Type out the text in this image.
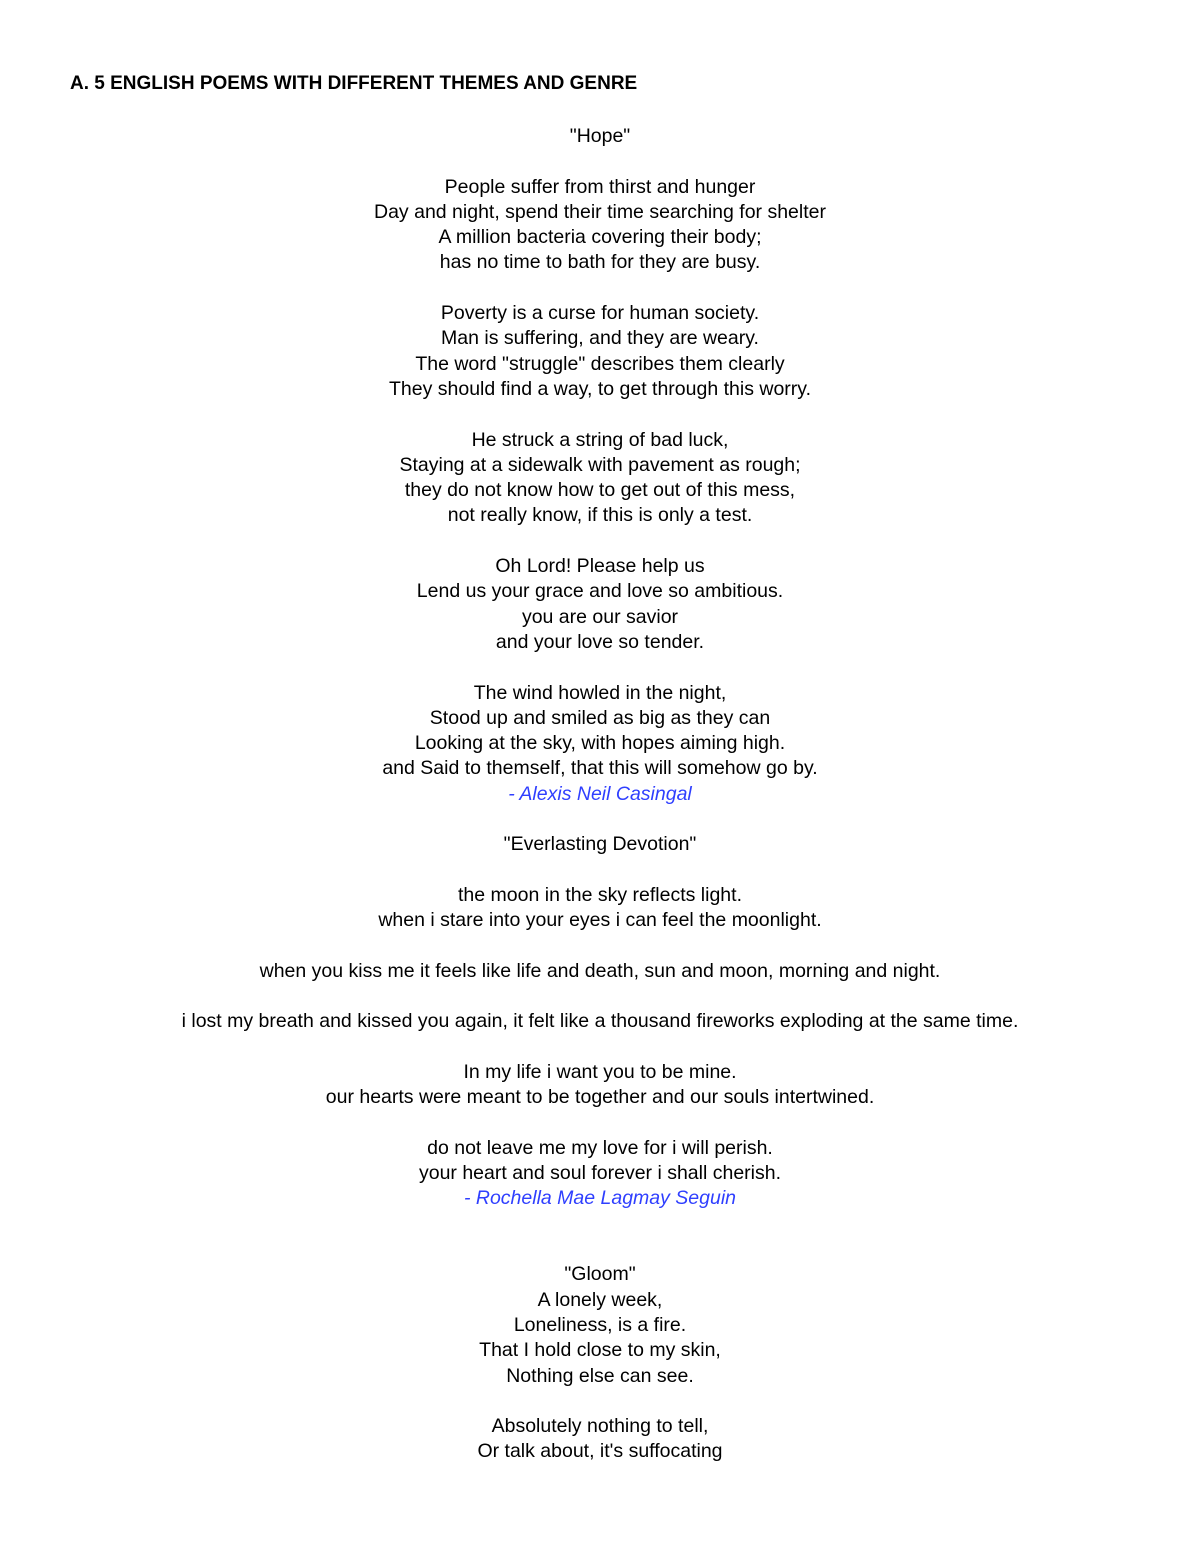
A. 5 ENGLISH POEMS WITH DIFFERENT THEMES AND GENRE
"Hope"
People suffer from thirst and hunger
Day and night, spend their time searching for shelter
A million bacteria covering their body;
has no time to bath for they are busy.
Poverty is a curse for human society.
Man is suffering, and they are weary.
The word "struggle" describes them clearly
They should find a way, to get through this worry.
He struck a string of bad luck,
Staying at a sidewalk with pavement as rough;
they do not know how to get out of this mess,
not really know, if this is only a test.
Oh Lord! Please help us
Lend us your grace and love so ambitious.
you are our savior
and your love so tender.
The wind howled in the night,
Stood up and smiled as big as they can
Looking at the sky, with hopes aiming high.
and Said to themself, that this will somehow go by.
- Alexis Neil Casingal
"Everlasting Devotion"
the moon in the sky reflects light.
when i stare into your eyes i can feel the moonlight.
when you kiss me it feels like life and death, sun and moon, morning and night.
i lost my breath and kissed you again, it felt like a thousand fireworks exploding at the same time.
In my life i want you to be mine.
our hearts were meant to be together and our souls intertwined.
do not leave me my love for i will perish.
your heart and soul forever i shall cherish.
- Rochella Mae Lagmay Seguin
"Gloom"
A lonely week,
Loneliness, is a fire.
That I hold close to my skin,
Nothing else can see.
Absolutely nothing to tell,
Or talk about, it's suffocating
